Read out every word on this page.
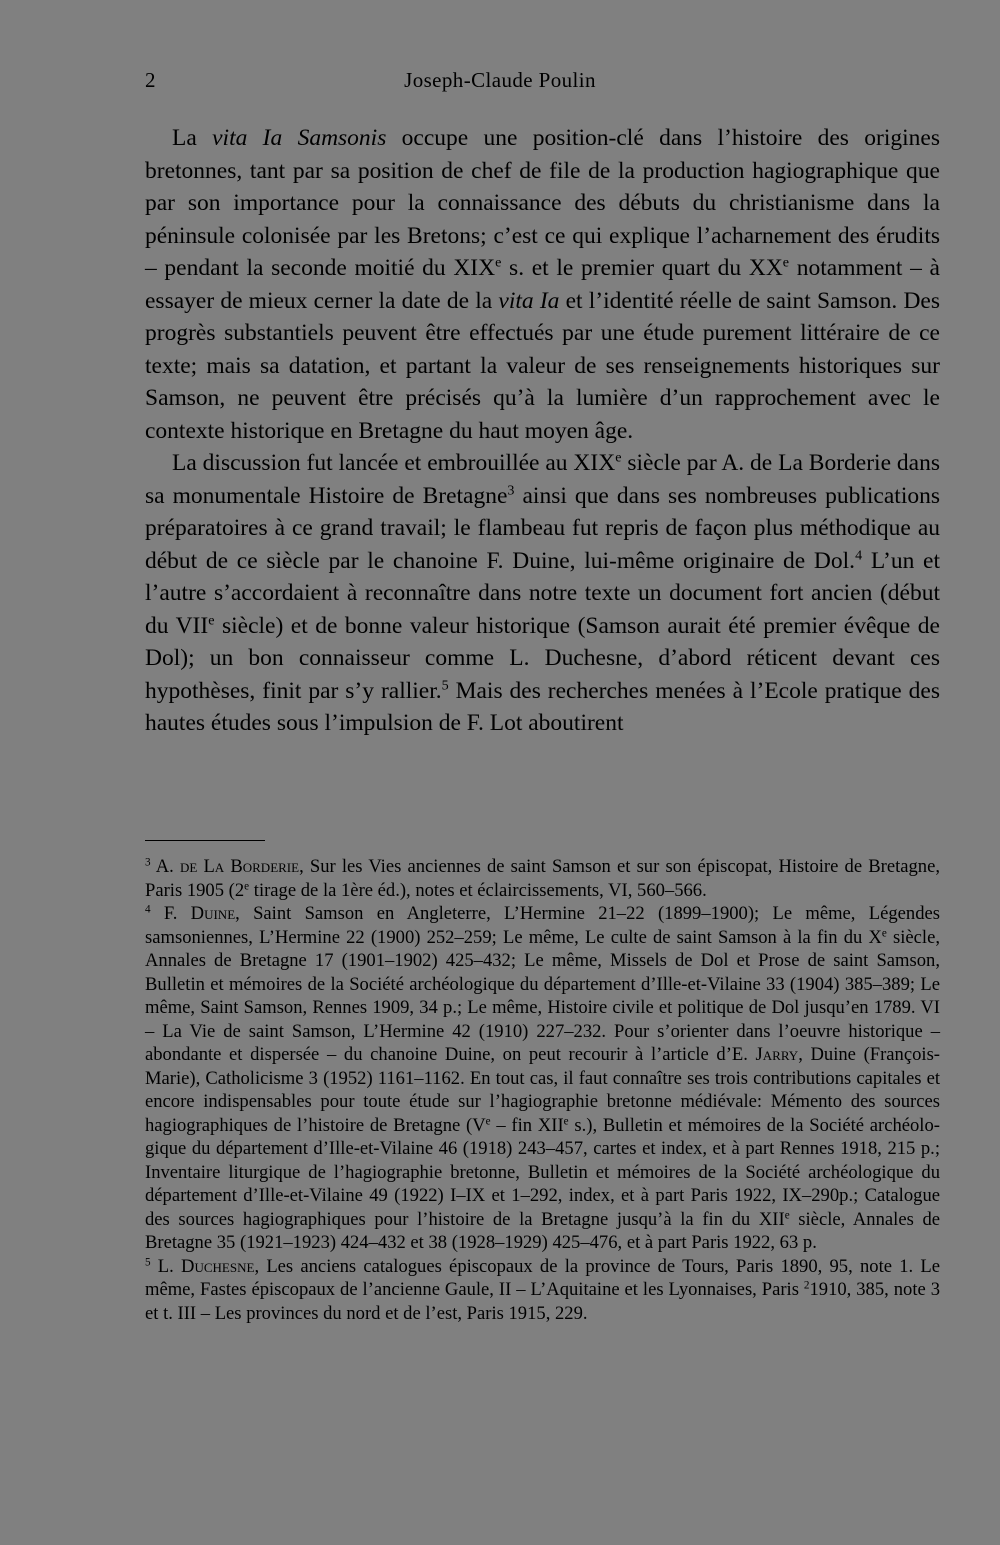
2	Joseph-Claude Poulin

La vita Ia Samsonis occupe une position-clé dans l’histoire des origines bretonnes, tant par sa position de chef de file de la production hagiographique que par son importance pour la connaissance des débuts du christianisme dans la péninsule colonisée par les Bretons; c’est ce qui explique l’acharnement des érudits – pendant la seconde moitié du XIXe s. et le premier quart du XXe notamment – à essayer de mieux cerner la date de la vita Ia et l’identité réelle de saint Samson. Des progrès substantiels peuvent être effectués par une étude purement littéraire de ce texte; mais sa datation, et partant la valeur de ses renseignements historiques sur Samson, ne peuvent être précisés qu’à la lumière d’un rapprochement avec le contexte historique en Bretagne du haut moyen âge.

La discussion fut lancée et embrouillée au XIXe siècle par A. de La Borderie dans sa monumentale Histoire de Bretagne$^3$ ainsi que dans ses nombreuses publications préparatoires à ce grand travail; le flambeau fut repris de façon plus méthodique au début de ce siècle par le chanoine F. Duine, lui-même originaire de Dol.$^4$ L’un et l’autre s’accordaient à reconnaître dans notre texte un document fort ancien (début du VIIe siècle) et de bonne valeur historique (Samson aurait été premier évêque de Dol); un bon connaisseur comme L. Duchesne, d’abord réticent devant ces hypothèses, finit par s’y rallier.$^5$ Mais des recherches menées à l’Ecole pratique des hautes études sous l’impulsion de F. Lot aboutirent

$^3$ A. de La Borderie, Sur les Vies anciennes de saint Samson et sur son épiscopat, Histoire de Bretagne, Paris 1905 (2e tirage de la 1ère éd.), notes et éclaircissements, VI, 560–566.

$^4$ F. Duine, Saint Samson en Angleterre, L’Hermine 21–22 (1899–1900); Le même, Légendes samsoniennes, L’Hermine 22 (1900) 252–259; Le même, Le culte de saint Samson à la fin du Xe siècle, Annales de Bretagne 17 (1901–1902) 425–432; Le même, Missels de Dol et Prose de saint Samson, Bulletin et mémoires de la Société archéologique du département d’Ille-et-Vilaine 33 (1904) 385–389; Le même, Saint Samson, Rennes 1909, 34 p.; Le même, Histoire civile et politique de Dol jusqu’en 1789. VI – La Vie de saint Samson, L’Hermine 42 (1910) 227–232. Pour s’orienter dans l’oeuvre historique – abondante et dispersée – du chanoine Duine, on peut recourir à l’article d’E. Jarry, Duine (François-Marie), Catholicisme 3 (1952) 1161–1162. En tout cas, il faut connaître ses trois contributions capitales et encore indispensables pour toute étude sur l’hagiographie bretonne médiévale: Mémento des sources hagiographiques de l’histoire de Bretagne (Ve – fin XIIe s.), Bulletin et mémoires de la Société archéologique du département d’Ille-et-Vilaine 46 (1918) 243–457, cartes et index, et à part Rennes 1918, 215 p.; Inventaire liturgique de l’hagiographie bretonne, Bulletin et mémoires de la Société archéologique du département d’Ille-et-Vilaine 49 (1922) I–IX et 1–292, index, et à part Paris 1922, IX–290p.; Catalogue des sources hagiographiques pour l’histoire de la Bretagne jusqu’à la fin du XIIe siècle, Annales de Bretagne 35 (1921–1923) 424–432 et 38 (1928–1929) 425–476, et à part Paris 1922, 63 p.

$^5$ L. Duchesne, Les anciens catalogues épiscopaux de la province de Tours, Paris 1890, 95, note 1. Le même, Fastes épiscopaux de l’ancienne Gaule, II – L’Aquitaine et les Lyonnaises, Paris $^2$1910, 385, note 3 et t. III – Les provinces du nord et de l’est, Paris 1915, 229.
